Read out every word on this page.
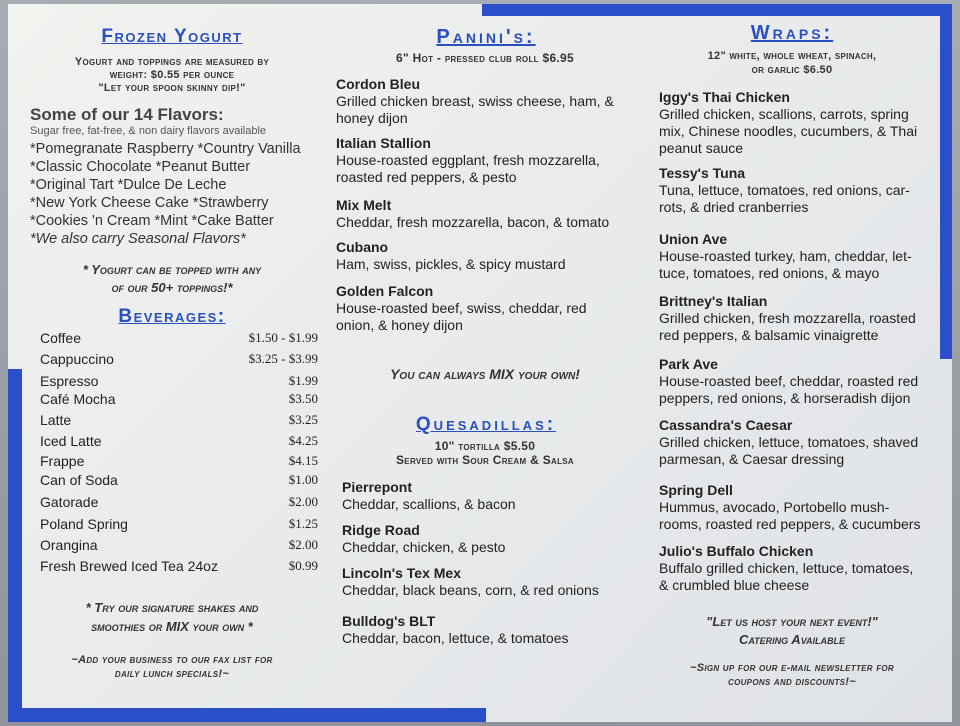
Frozen Yogurt
Yogurt and toppings are measured by
weight: $0.55 per ounce
"Let your spoon skinny dip!"
Some of our 14 Flavors:
Sugar free, fat-free, & non dairy flavors available
*Pomegranate Raspberry *Country Vanilla
*Classic Chocolate *Peanut Butter
*Original Tart *Dulce De Leche
*New York Cheese Cake *Strawberry
*Cookies 'n Cream *Mint *Cake Batter
*We also carry Seasonal Flavors*
* Yogurt can be topped with any
of our 50+ toppings!*
Beverages:
Coffee	$1.50 - $1.99
Cappuccino	$3.25 - $3.99
Espresso	$1.99
Café Mocha	$3.50
Latte	$3.25
Iced Latte	$4.25
Frappe	$4.15
Can of Soda	$1.00
Gatorade	$2.00
Poland Spring	$1.25
Orangina	$2.00
Fresh Brewed Iced Tea 24oz	$0.99
* Try our signature shakes and
smoothies or MIX your own *
~Add your business to our fax list for
daily lunch specials!~
Panini's:
6" Hot - pressed club roll $6.95
Cordon Bleu
Grilled chicken breast, swiss cheese, ham, &
honey dijon
Italian Stallion
House-roasted eggplant, fresh mozzarella,
roasted red peppers, & pesto
Mix Melt
Cheddar, fresh mozzarella, bacon, & tomato
Cubano
Ham, swiss, pickles, & spicy mustard
Golden Falcon
House-roasted beef, swiss, cheddar, red
onion, & honey dijon
You can always MIX your own!
Quesadillas:
10" tortilla $5.50
Served with Sour Cream & Salsa
Pierrepont
Cheddar, scallions, & bacon
Ridge Road
Cheddar, chicken, & pesto
Lincoln's Tex Mex
Cheddar, black beans, corn, & red onions
Bulldog's BLT
Cheddar, bacon, lettuce, & tomatoes
Wraps:
12" white, whole wheat, spinach,
or garlic $6.50
Iggy's Thai Chicken
Grilled chicken, scallions, carrots, spring
mix, Chinese noodles, cucumbers, & Thai
peanut sauce
Tessy's Tuna
Tuna, lettuce, tomatoes, red onions, car-
rots, & dried cranberries
Union Ave
House-roasted turkey, ham, cheddar, let-
tuce, tomatoes, red onions, & mayo
Brittney's Italian
Grilled chicken, fresh mozzarella, roasted
red peppers, & balsamic vinaigrette
Park Ave
House-roasted beef, cheddar, roasted red
peppers, red onions, & horseradish dijon
Cassandra's Caesar
Grilled chicken, lettuce, tomatoes, shaved
parmesan, & Caesar dressing
Spring Dell
Hummus, avocado, Portobello mush-
rooms, roasted red peppers, & cucumbers
Julio's Buffalo Chicken
Buffalo grilled chicken, lettuce, tomatoes,
& crumbled blue cheese
"Let us host your next event!"
Catering Available
~Sign up for our e-mail newsletter for
coupons and discounts!~
